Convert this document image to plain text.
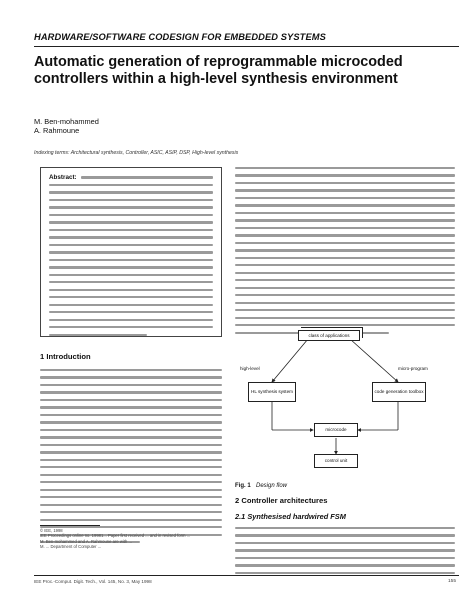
HARDWARE/SOFTWARE CODESIGN FOR EMBEDDED SYSTEMS
Automatic generation of reprogrammable microcoded controllers within a high-level synthesis environment
M. Ben-mohammed
A. Rahmoune
Indexing terms: Architectural synthesis, Controller, ASIC, ASIP, DSP, High-level synthesis
Abstract:
1 Introduction
© IEE, 1998
IEE Proceedings online no. 19981... Paper first received ... and in revised form ...
M. Ben-mohammed and A. Rahmoune are with ...
M. ... Department of Computer ...
class of applications
high-level	micro-program
HL synthesis system	code generation toolbox
microcode
control unit
Fig. 1 Design flow
2 Controller architectures
2.1 Synthesised hardwired FSM
IEE Proc.-Comput. Digit. Tech., Vol. 145, No. 3, May 1998	155
